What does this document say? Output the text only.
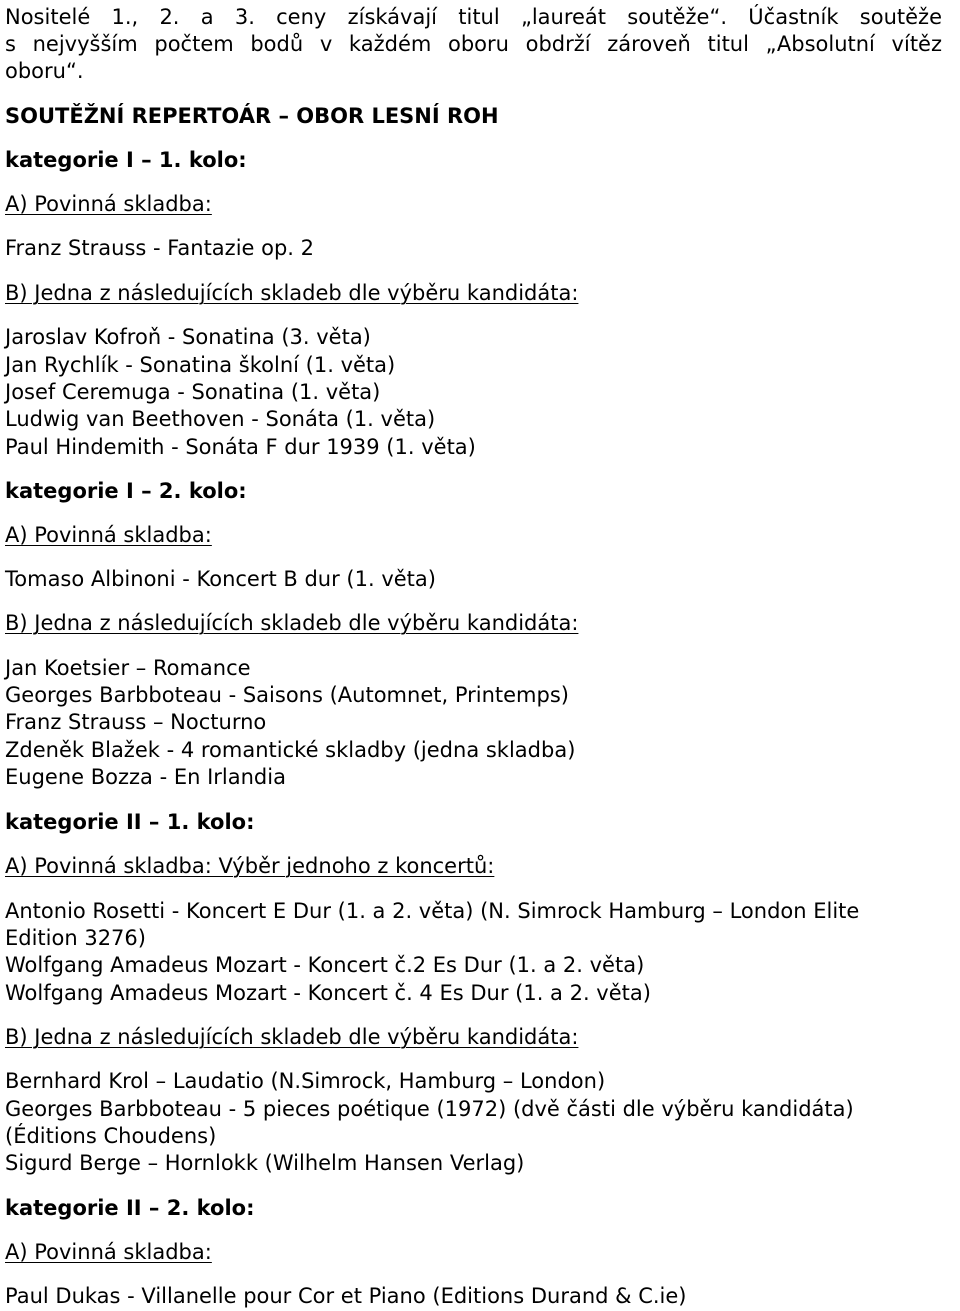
Nositelé 1., 2. a 3. ceny získávají titul „laureát soutěže“. Účastník soutěže
s nejvyšším počtem bodů v každém oboru obdrží zároveň titul „Absolutní vítěz
oboru“.
SOUTĚŽNÍ REPERTOÁR – OBOR LESNÍ ROH
kategorie I – 1. kolo:
A) Povinná skladba:
Franz Strauss - Fantazie op. 2
B) Jedna z následujících skladeb dle výběru kandidáta:
Jaroslav Kofroň - Sonatina (3. věta)
Jan Rychlík - Sonatina školní (1. věta)
Josef Ceremuga - Sonatina (1. věta)
Ludwig van Beethoven - Sonáta (1. věta)
Paul Hindemith - Sonáta F dur 1939 (1. věta)
kategorie I – 2. kolo:
A) Povinná skladba:
Tomaso Albinoni - Koncert B dur (1. věta)
B) Jedna z následujících skladeb dle výběru kandidáta:
Jan Koetsier – Romance
Georges Barbboteau - Saisons (Automnet, Printemps)
Franz Strauss – Nocturno
Zdeněk Blažek - 4 romantické skladby (jedna skladba)
Eugene Bozza - En Irlandia
kategorie II – 1. kolo:
A) Povinná skladba: Výběr jednoho z koncertů:
Antonio Rosetti - Koncert E Dur (1. a 2. věta) (N. Simrock Hamburg – London Elite
Edition 3276)
Wolfgang Amadeus Mozart - Koncert č.2 Es Dur (1. a 2. věta)
Wolfgang Amadeus Mozart - Koncert č. 4 Es Dur (1. a 2. věta)
B) Jedna z následujících skladeb dle výběru kandidáta:
Bernhard Krol – Laudatio (N.Simrock, Hamburg – London)
Georges Barbboteau - 5 pieces poétique (1972) (dvě části dle výběru kandidáta)
(Éditions Choudens)
Sigurd Berge – Hornlokk (Wilhelm Hansen Verlag)
kategorie II – 2. kolo:
A) Povinná skladba:
Paul Dukas - Villanelle pour Cor et Piano (Editions Durand & C.ie)
